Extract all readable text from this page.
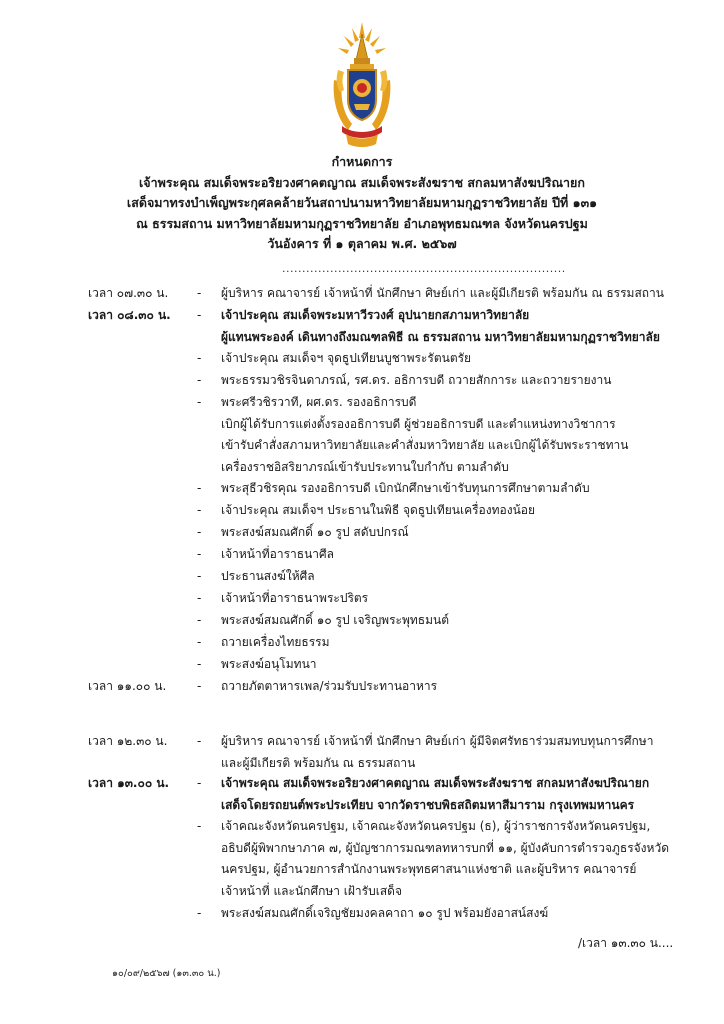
กำหนดการ
เจ้าพระคุณ สมเด็จพระอริยวงศาคตญาณ สมเด็จพระสังฆราช สกลมหาสังฆปริณายก
เสด็จมาทรงบำเพ็ญพระกุศลคล้ายวันสถาปนามหาวิทยาลัยมหามกุฏราชวิทยาลัย ปีที่ ๑๓๑
ณ ธรรมสถาน มหาวิทยาลัยมหามกุฏราชวิทยาลัย อำเภอพุทธมณฑล จังหวัดนครปฐม
วันอังคาร ที่ ๑ ตุลาคม พ.ศ. ๒๕๖๗
.......................................................................
เวลา ๐๗.๓๐ น. - ผู้บริหาร คณาจารย์ เจ้าหน้าที่ นักศึกษา ศิษย์เก่า และผู้มีเกียรติ พร้อมกัน ณ ธรรมสถาน
เวลา ๐๘.๓๐ น. - เจ้าประคุณ สมเด็จพระมหาวีรวงศ์ อุปนายกสภามหาวิทยาลัย
ผู้แทนพระองค์ เดินทางถึงมณฑลพิธี ณ ธรรมสถาน มหาวิทยาลัยมหามกุฏราชวิทยาลัย
- เจ้าประคุณ สมเด็จฯ จุดธูปเทียนบูชาพระรัตนตรัย
- พระธรรมวชิรจินดาภรณ์, รศ.ดร. อธิการบดี ถวายสักการะ และถวายรายงาน
- พระศรีวชิรวาที, ผศ.ดร. รองอธิการบดี
เบิกผู้ได้รับการแต่งตั้งรองอธิการบดี ผู้ช่วยอธิการบดี และตำแหน่งทางวิชาการ
เข้ารับคำสั่งสภามหาวิทยาลัยและคำสั่งมหาวิทยาลัย และเบิกผู้ได้รับพระราชทาน
เครื่องราชอิสริยาภรณ์เข้ารับประทานใบกำกับ ตามลำดับ
- พระสุธีวชิรคุณ รองอธิการบดี เบิกนักศึกษาเข้ารับทุนการศึกษาตามลำดับ
- เจ้าประคุณ สมเด็จฯ ประธานในพิธี จุดธูปเทียนเครื่องทองน้อย
- พระสงฆ์สมณศักดิ์ ๑๐ รูป สดับปกรณ์
- เจ้าหน้าที่อาราธนาศีล
- ประธานสงฆ์ให้ศีล
- เจ้าหน้าที่อาราธนาพระปริตร
- พระสงฆ์สมณศักดิ์ ๑๐ รูป เจริญพระพุทธมนต์
- ถวายเครื่องไทยธรรม
- พระสงฆ์อนุโมทนา
เวลา ๑๑.๐๐ น.	- ถวายภัตตาหารเพล/ร่วมรับประทานอาหาร
เวลา ๑๒.๓๐ น. - ผู้บริหาร คณาจารย์ เจ้าหน้าที่ นักศึกษา ศิษย์เก่า ผู้มีจิตศรัทธาร่วมสมทบทุนการศึกษา
และผู้มีเกียรติ พร้อมกัน ณ ธรรมสถาน
เวลา ๑๓.๐๐ น. - เจ้าพระคุณ สมเด็จพระอริยวงศาคตญาณ สมเด็จพระสังฆราช สกลมหาสังฆปริณายก
เสด็จโดยรถยนต์พระประเทียบ จากวัดราชบพิธสถิตมหาสีมาราม กรุงเทพมหานคร
- เจ้าคณะจังหวัดนครปฐม, เจ้าคณะจังหวัดนครปฐม (ธ), ผู้ว่าราชการจังหวัดนครปฐม,
อธิบดีผู้พิพากษาภาค ๗, ผู้บัญชาการมณฑลทหารบกที่ ๑๑, ผู้บังคับการตำรวจภูธรจังหวัด
นครปฐม, ผู้อำนวยการสำนักงานพระพุทธศาสนาแห่งชาติ และผู้บริหาร คณาจารย์
เจ้าหน้าที่ และนักศึกษา เฝ้ารับเสด็จ
- พระสงฆ์สมณศักดิ์เจริญชัยมงคลคาถา ๑๐ รูป พร้อมยังอาสน์สงฆ์
/เวลา ๑๓.๓๐ น....
๑๐/๐๙/๒๕๖๗ (๑๓.๓๐ น.)
